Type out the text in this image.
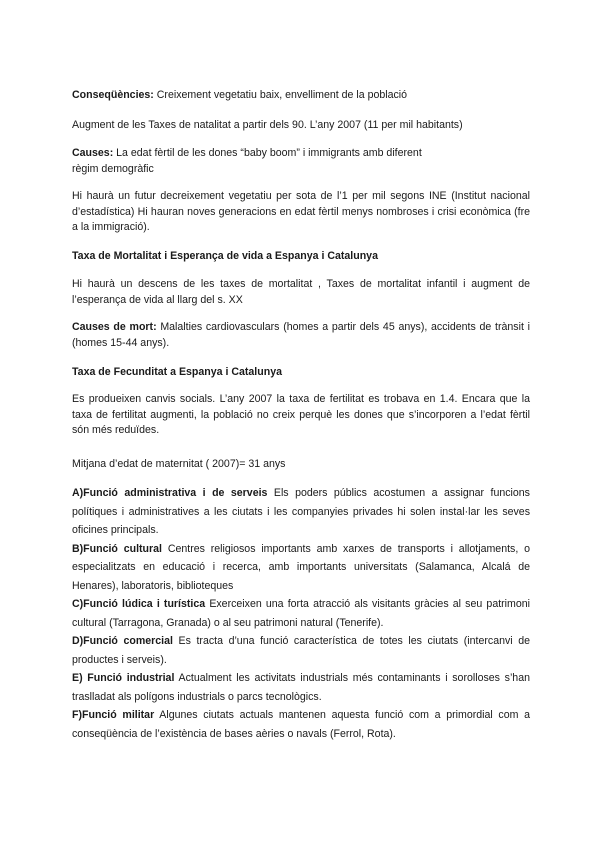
Conseqüències: Creixement vegetatiu baix, envelliment de la població

Augment de les Taxes de natalitat a partir dels 90. L’any 2007 (11 per mil habitants)

Causes: La edat fèrtil de les dones “baby boom” i immigrants amb diferent
règim demogràfic

Hi haurà un futur decreixement vegetatiu per sota de l’1 per mil segons INE (Institut nacional d’estadística) Hi hauran noves generacions en edat fèrtil menys nombroses i crisi econòmica (fre a la immigració).

Taxa de Mortalitat i Esperança de vida a Espanya i Catalunya

Hi haurà un descens de les taxes de mortalitat , Taxes de mortalitat infantil i augment de l’esperança de vida al llarg del s. XX

Causes de mort: Malalties cardiovasculars (homes a partir dels 45 anys), accidents de trànsit i (homes 15-44 anys).

Taxa de Fecunditat a Espanya i Catalunya

Es produeixen canvis socials. L’any 2007 la taxa de fertilitat es trobava en 1.4. Encara que la taxa de fertilitat augmenti, la població no creix perquè les dones que s’incorporen a l’edat fèrtil són més reduïdes.

Mitjana d’edat de maternitat ( 2007)= 31 anys

A)Funció administrativa i de serveis Els poders públics acostumen a assignar funcions polítiques i administratives a les ciutats i les companyies privades hi solen instal·lar les seves oficines principals.
B)Funció cultural Centres religiosos importants amb xarxes de transports i allotjaments, o especialitzats en educació i recerca, amb importants universitats (Salamanca, Alcalá de Henares), laboratoris, biblioteques
C)Funció lúdica i turística Exerceixen una forta atracció als visitants gràcies al seu patrimoni cultural (Tarragona, Granada) o al seu patrimoni natural (Tenerife).
D)Funció comercial Es tracta d’una funció característica de totes les ciutats (intercanvi de productes i serveis).
E) Funció industrial Actualment les activitats industrials més contaminants i sorolloses s’han traslladat als polígons industrials o parcs tecnològics.
F)Funció militar Algunes ciutats actuals mantenen aquesta funció com a primordial com a conseqüència de l’existència de bases aèries o navals (Ferrol, Rota).
